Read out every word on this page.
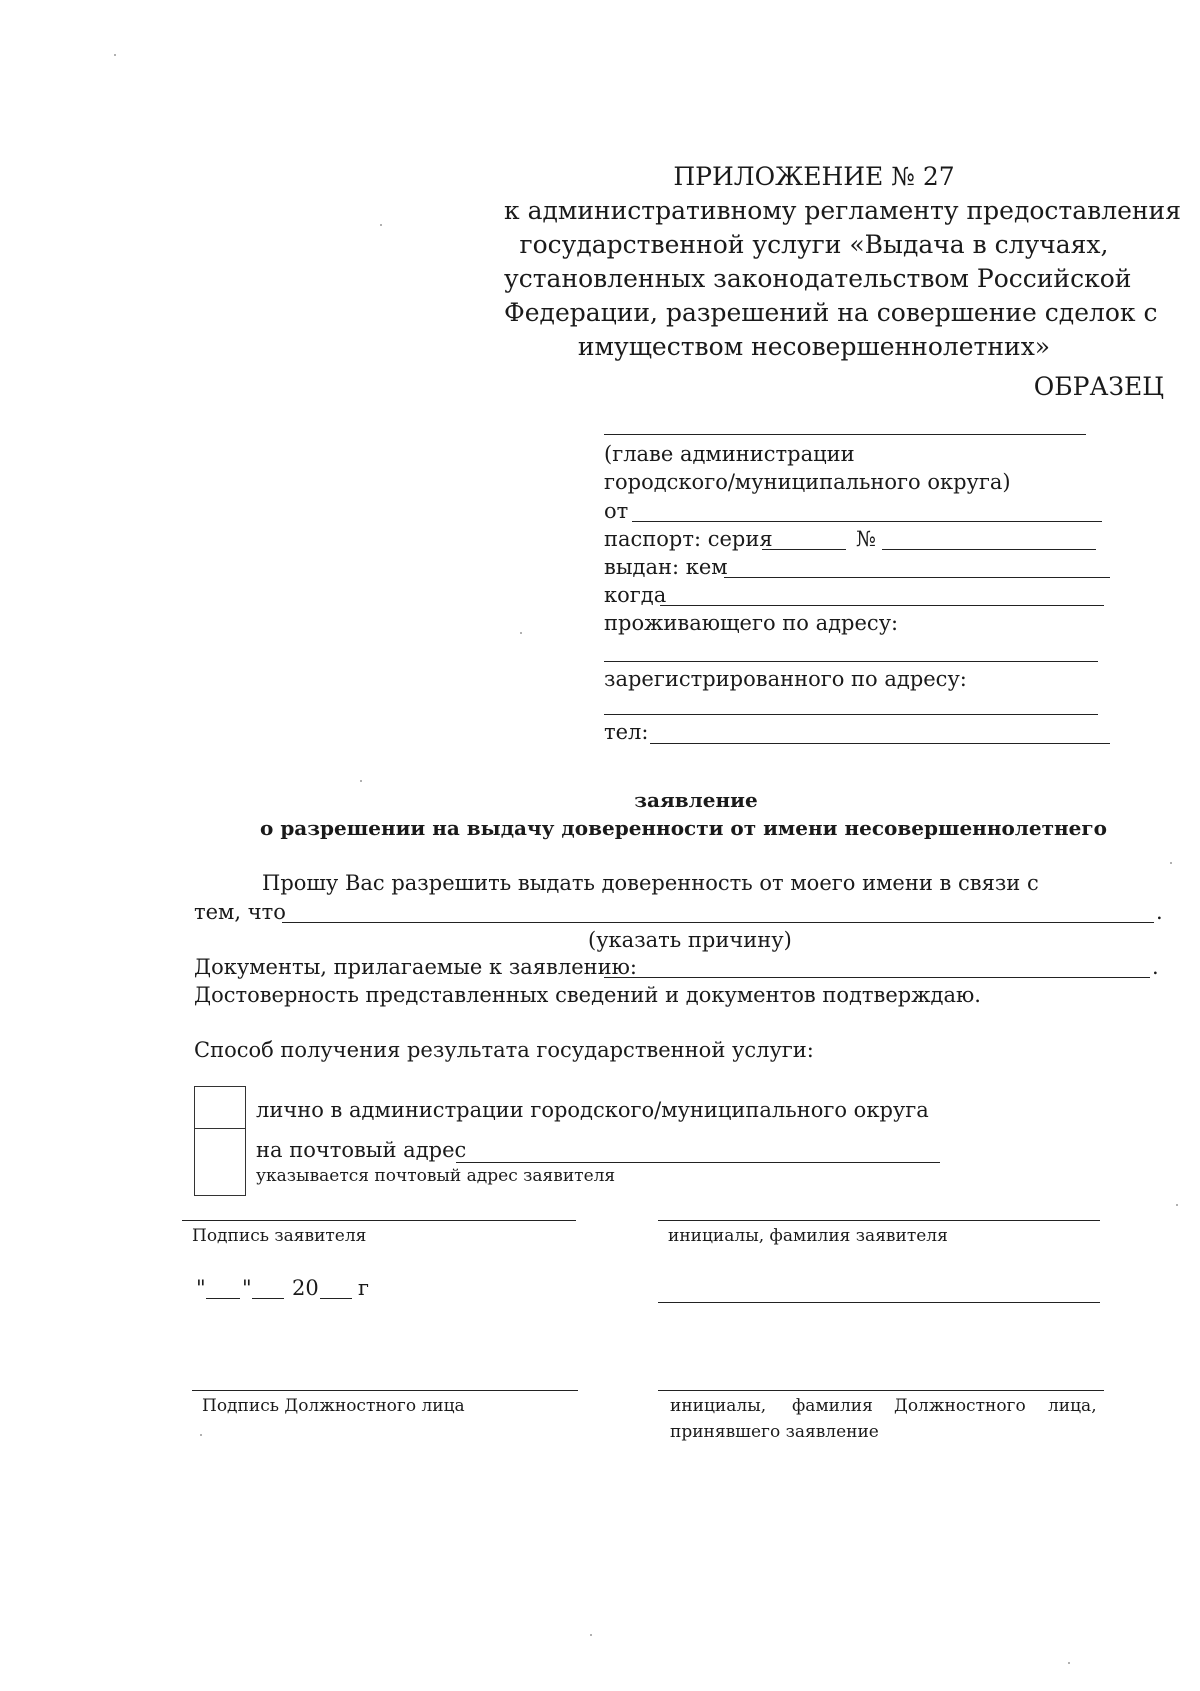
ПРИЛОЖЕНИЕ № 27
к административному регламенту предоставления
государственной услуги «Выдача в случаях,
установленных законодательством Российской
Федерации, разрешений на совершение сделок с
имуществом несовершеннолетних»
ОБРАЗЕЦ
(главе администрации
городского/муниципального округа)
от
паспорт: серия	№
выдан: кем
когда
проживающего по адресу:
зарегистрированного по адресу:
тел:
заявление
о разрешении на выдачу доверенности от имени несовершеннолетнего
Прошу Вас разрешить выдать доверенность от моего имени в связи с
тем, что	.
(указать причину)
Документы, прилагаемые к заявлению:	.
Достоверность представленных сведений и документов подтверждаю.
Способ получения результата государственной услуги:
лично в администрации городского/муниципального округа
на почтовый адрес
указывается почтовый адрес заявителя
Подпись заявителя	инициалы, фамилия заявителя
" " 20 г
Подпись Должностного лица	инициалы, фамилия Должностного лица,
принявшего заявление
